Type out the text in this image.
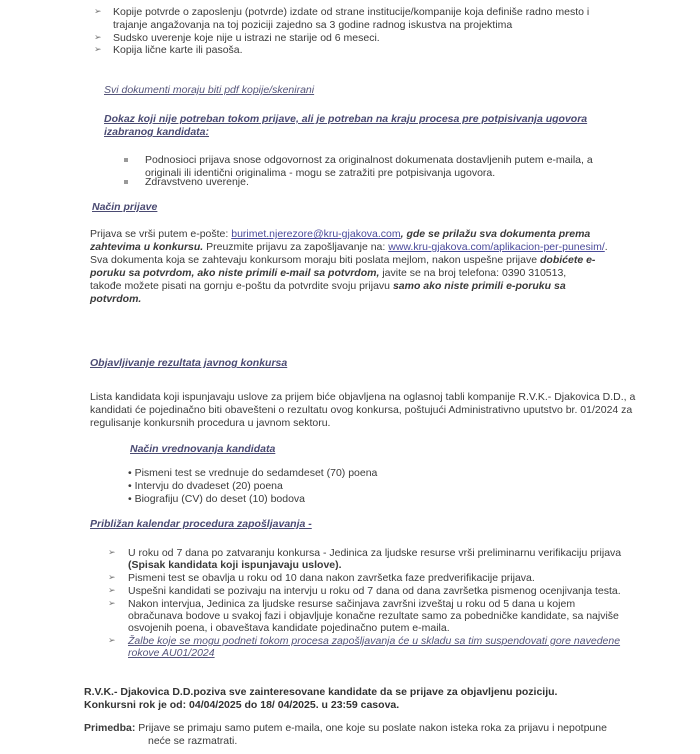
➢ Kopije potvrde o zaposlenju (potvrde) izdate od strane institucije/kompanije koja definiše radno mesto i
trajanje angažovanja na toj poziciji zajedno sa 3 godine radnog iskustva na projektima
➢ Sudsko uverenje koje nije u istrazi ne starije od 6 meseci.
➢ Kopija lične karte ili pasoša.
Svi dokumenti moraju biti pdf kopije/skenirani
Dokaz koji nije potreban tokom prijave, ali je potreban na kraju procesa pre potpisivanja ugovora
izabranog kandidata:
Podnosioci prijava snose odgovornost za originalnost dokumenata dostavljenih putem e-maila, a
originali ili identični originalima - mogu se zatražiti pre potpisivanja ugovora.
Zdravstveno uverenje.
Način prijave
Prijava se vrši putem e-pošte: burimet.njerezore@kru-gjakova.com, gde se prilažu sva dokumenta prema
zahtevima u konkursu. Preuzmite prijavu za zapošljavanje na: www.kru-gjakova.com/aplikacion-per-punesim/.
Sva dokumenta koja se zahtevaju konkursom moraju biti poslata mejlom, nakon uspešne prijave dobićete e-
poruku sa potvrdom, ako niste primili e-mail sa potvrdom, javite se na broj telefona: 0390 310513,
takođe možete pisati na gornju e-poštu da potvrdite svoju prijavu samo ako niste primili e-poruku sa
potvrdom.
Objavljivanje rezultata javnog konkursa
Lista kandidata koji ispunjavaju uslove za prijem biće objavljena na oglasnoj tabli kompanije R.V.K.- Djakovica D.D., a
kandidati će pojedinačno biti obavešteni o rezultatu ovog konkursa, poštujući Administrativno uputstvo br. 01/2024 za
regulisanje konkursnih procedura u javnom sektoru.
Način vrednovanja kandidata
• Pismeni test se vrednuje do sedamdeset (70) poena
• Intervju do dvadeset (20) poena
• Biografiju (CV) do deset (10) bodova
Približan kalendar procedura zapošljavanja -
➢ U roku od 7 dana po zatvaranju konkursa - Jedinica za ljudske resurse vrši preliminarnu verifikaciju prijava
(Spisak kandidata koji ispunjavaju uslove).
➢ Pismeni test se obavlja u roku od 10 dana nakon završetka faze predverifikacije prijava.
➢ Uspešni kandidati se pozivaju na intervju u roku od 7 dana od dana završetka pismenog ocenjivanja testa.
➢ Nakon intervjua, Jedinica za ljudske resurse sačinjava završni izveštaj u roku od 5 dana u kojem
obračunava bodove u svakoj fazi i objavljuje konačne rezultate samo za pobedničke kandidate, sa najviše
osvojenih poena, i obaveštava kandidate pojedinačno putem e-maila.
➢ Žalbe koje se mogu podneti tokom procesa zapošljavanja će u skladu sa tim suspendovati gore navedene
rokove AU01/2024
R.V.K.- Djakovica D.D.poziva sve zainteresovane kandidate da se prijave za objavljenu poziciju.
Konkursni rok je od: 04/04/2025 do 18/ 04/2025. u 23:59 casova.
Primedba: Prijave se primaju samo putem e-maila, one koje su poslate nakon isteka roka za prijavu i nepotpune
neće se razmatrati.
